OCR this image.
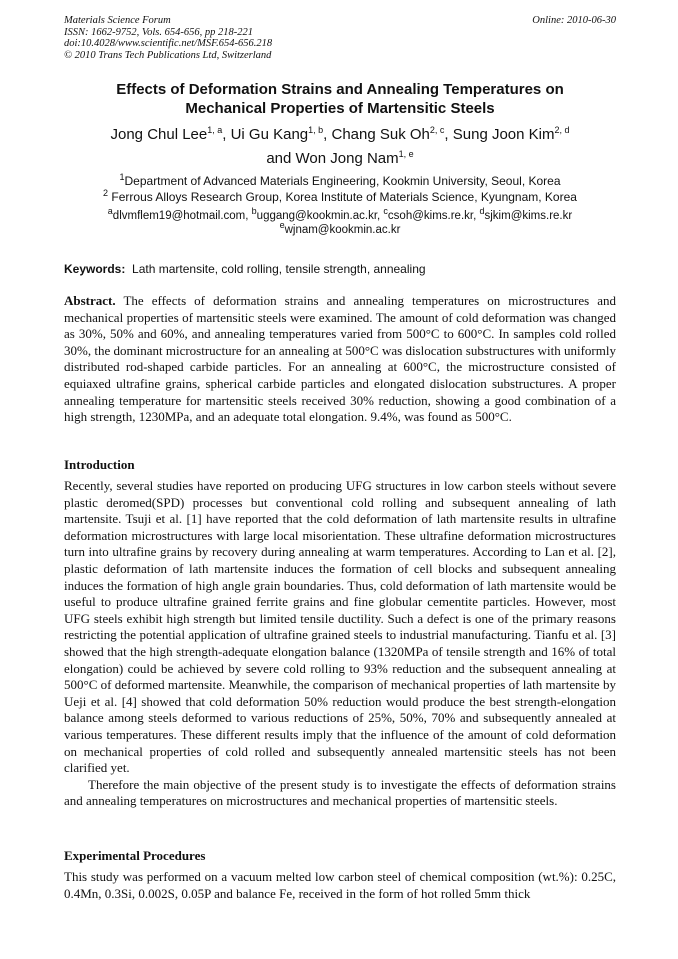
Materials Science Forum
ISSN: 1662-9752, Vols. 654-656, pp 218-221
doi:10.4028/www.scientific.net/MSF.654-656.218
© 2010 Trans Tech Publications Ltd, Switzerland
Online: 2010-06-30
Effects of Deformation Strains and Annealing Temperatures on
Mechanical Properties of Martensitic Steels
Jong Chul Lee$^{1, a}$, Ui Gu Kang$^{1, b}$, Chang Suk Oh$^{2, c}$, Sung Joon Kim$^{2, d}$
and Won Jong Nam$^{1, e}$
$^1$Department of Advanced Materials Engineering, Kookmin University, Seoul, Korea
$^2$ Ferrous Alloys Research Group, Korea Institute of Materials Science, Kyungnam, Korea
$^a$dlvmflem19@hotmail.com, $^b$uggang@kookmin.ac.kr, $^c$csoh@kims.re.kr, $^d$sjkim@kims.re.kr
$^e$wjnam@kookmin.ac.kr
Keywords:  Lath martensite, cold rolling, tensile strength, annealing
Abstract. The effects of deformation strains and annealing temperatures on microstructures and mechanical properties of martensitic steels were examined. The amount of cold deformation was changed as 30%, 50% and 60%, and annealing temperatures varied from 500°C to 600°C. In samples cold rolled 30%, the dominant microstructure for an annealing at 500°C was dislocation substructures with uniformly distributed rod-shaped carbide particles. For an annealing at 600°C, the microstructure consisted of equiaxed ultrafine grains, spherical carbide particles and elongated dislocation substructures. A proper annealing temperature for martensitic steels received 30% reduction, showing a good combination of a high strength, 1230MPa, and an adequate total elongation. 9.4%, was found as 500°C.
Introduction

Recently, several studies have reported on producing UFG structures in low carbon steels without severe plastic deromed(SPD) processes but conventional cold rolling and subsequent annealing of lath martensite. Tsuji et al. [1] have reported that the cold deformation of lath martensite results in ultrafine deformation microstructures with large local misorientation. These ultrafine deformation microstructures turn into ultrafine grains by recovery during annealing at warm temperatures. According to Lan et al. [2], plastic deformation of lath martensite induces the formation of cell blocks and subsequent annealing induces the formation of high angle grain boundaries. Thus, cold deformation of lath martensite would be useful to produce ultrafine grained ferrite grains and fine globular cementite particles. However, most UFG steels exhibit high strength but limited tensile ductility. Such a defect is one of the primary reasons restricting the potential application of ultrafine grained steels to industrial manufacturing. Tianfu et al. [3] showed that the high strength-adequate elongation balance (1320MPa of tensile strength and 16% of total elongation) could be achieved by severe cold rolling to 93% reduction and the subsequent annealing at 500°C of deformed martensite. Meanwhile, the comparison of mechanical properties of lath martensite by Ueji et al. [4] showed that cold deformation 50% reduction would produce the best strength-elongation balance among steels deformed to various reductions of 25%, 50%, 70% and subsequently annealed at various temperatures. These different results imply that the influence of the amount of cold deformation on mechanical properties of cold rolled and subsequently annealed martensitic steels has not been clarified yet.

Therefore the main objective of the present study is to investigate the effects of deformation strains and annealing temperatures on microstructures and mechanical properties of martensitic steels.

Experimental Procedures
This study was performed on a vacuum melted low carbon steel of chemical composition (wt.%): 0.25C, 0.4Mn, 0.3Si, 0.002S, 0.05P and balance Fe, received in the form of hot rolled 5mm thick
